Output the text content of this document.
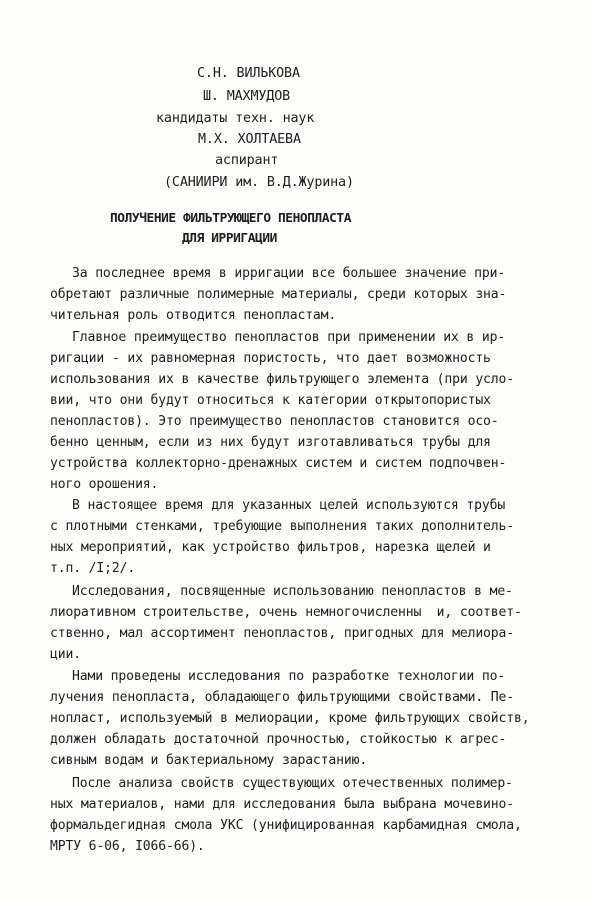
С.Н. ВИЛЬКОВА
Ш. МАХМУДОВ
кандидаты техн. наук
М.Х. ХОЛТАЕВА
аспирант
(САНИИРИ им. В.Д.Журина)
ПОЛУЧЕНИЕ ФИЛЬТРУЮЩЕГО ПЕНОПЛАСТА
ДЛЯ ИРРИГАЦИИ
За последнее время в ирригации все большее значение при-
обретают различные полимерные материалы, среди которых зна-
чительная роль отводится пенопластам.
Главное преимущество пенопластов при применении их в ир-
ригации - их равномерная пористость, что дает возможность
использования их в качестве фильтрующего элемента (при усло-
вии, что они будут относиться к категории открытопористых
пенопластов). Это преимущество пенопластов становится осо-
бенно ценным, если из них будут изготавливаться трубы для
устройства коллекторно-дренажных систем и систем подпочвен-
ного орошения.
В настоящее время для указанных целей используются трубы
с плотными стенками, требующие выполнения таких дополнитель-
ных мероприятий, как устройство фильтров, нарезка щелей и
т.п. /I;2/.
Исследования, посвященные использованию пенопластов в ме-
лиоративном строительстве, очень немногочисленны  и, соответ-
ственно, мал ассортимент пенопластов, пригодных для мелиора-
ции.
Нами проведены исследования по разработке технологии по-
лучения пенопласта, обладающего фильтрующими свойствами. Пе-
нопласт, используемый в мелиорации, кроме фильтрующих свойств,
должен обладать достаточной прочностью, стойкостью к агрес-
сивным водам и бактериальному зарастанию.
После анализа свойств существующих отечественных полимер-
ных материалов, нами для исследования была выбрана мочевино-
формальдегидная смола УКС (унифицированная карбамидная смола,
МРТУ 6-06, I066-66).
